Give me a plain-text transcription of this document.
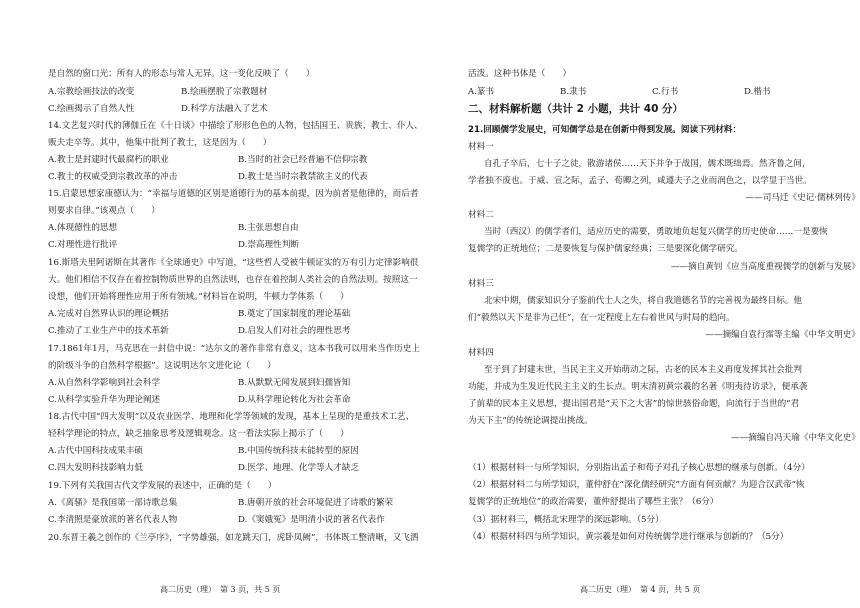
是自然的窗口光；所有人的形态与常人无异。这一变化反映了（　　）
A.宗教绘画技法的改变	B.绘画摆脱了宗教题材
C.绘画揭示了自然人性	D.科学方法融入了艺术
14.文艺复兴时代的薄伽丘在《十日谈》中描绘了形形色色的人物，包括国王、贵族、教士、仆人、
贩夫走卒等。其中，他集中批判了教士，这是因为（　　）
A.教士是封建时代最腐朽的职业	B.当时的社会已经普遍不信仰宗教
C.教士的权威受到宗教改革的冲击	D.教士是当时宗教禁欲主义的代表
15.启蒙思想家康德认为：“幸福与道德的区别是道德行为的基本前提，因为前者是他律的，而后者
则要求自律。”该观点（　　）
A.体现德性的思想	B.主张思想自由
C.对理性进行批评	D.崇高理性判断
16.斯塔夫里阿诺斯在其著作《全球通史》中写道，“这些哲人受被牛顿证实的万有引力定律影响很
大。他们相信不仅存在着控制物质世界的自然法则，也存在着控制人类社会的自然法则。按照这一
设想，他们开始将理性应用于所有领域。”材料旨在说明，牛顿力学体系（　　）
A.完成对自然界认识的理论概括	B.奠定了国家制度的理论基础
C.推动了工业生产中的技术革新	D.启发人们对社会的理性思考
17.1861年1月，马克思在一封信中说：“达尔文的著作非常有意义，这本书我可以用来当作历史上
的阶级斗争的自然科学根据”。这说明达尔文进化论（　　）
A.从自然科学影响到社会科学	B.从默默无闻发展到妇孺皆知
C.从科学实验升华为理论阐述	D.从科学理论转化为社会革命
18.古代中国“四大发明”以及农业医学、地理和化学等领域的发现，基本上呈现的是重技术工艺、
轻科学理论的特点，缺乏抽象思考及逻辑观念。这一看法实际上揭示了（　　）
A.古代中国科技成果丰硕	B.中国传统科技未能转型的原因
C.四大发明科技影响力低	D.医学、地理、化学等人才缺乏
19.下列有关我国古代文学发展的表述中，正确的是（　　）
A.《离骚》是我国第一部诗歌总集	B.唐朝开放的社会环境促进了诗歌的繁荣
C.李清照是豪放派的著名代表人物	D.《窦娥冤》是明清小说的著名代表作
20.东晋王羲之创作的《兰亭序》，“字势雄强，如龙跳天门，虎卧凤阙”，书体既工整清晰，又飞洒
高二历史（理）　第 3 页，共 5 页
活泼。这种书体是（　　）
A.篆书	B.隶书	C.行书	D.楷书
二、材料解析题（共计 2 小题，共计 40 分）
21.回顾儒学发展史，可知儒学总是在创新中得到发展。阅读下列材料：
材料一
自孔子卒后，七十子之徒，散游诸侯……天下并争于战国，儒术既绌焉。然齐鲁之间，
学者独不废也。于威、宣之际，孟子、荀卿之列，咸遵夫子之业而润色之，以学显于当世。
——司马迁《史记·儒林列传》
材料二
当时（西汉）的儒学者们，适应历史的需要，勇敢地负起复兴儒学的历史使命……一是要恢
复儒学的正统地位；二是要恢复与保护儒家经典；三是要深化儒学研究。
——摘自黄钊《应当高度重视儒学的创新与发展》
材料三
北宋中期，儒家知识分子鉴前代士人之失，将自我道德名节的完善视为最终目标。他
们“毅然以天下是非为己任”，在一定程度上左右着世风与时局的趋向。
——摘编自袁行霈等主编《中华文明史》
材料四
至于到了封建末世，当民主主义开始萌动之际，古老的民本主义再度发挥其社会批判
功能，并成为生发近代民主主义的生长点。明末清初黄宗羲的名著《明夷待访录》，便承袭
了前辈的民本主义思想，提出国君是“天下之大害”的惊世骇俗命题，向流行于当世的“君
为天下主”的传统论调提出挑战。
——摘编自冯天瑜《中华文化史》
（1）根据材料一与所学知识，分别指出孟子和荀子对孔子核心思想的继承与创新。（4分）
（2）根据材料二与所学知识，董仲舒在“深化儒经研究”方面有何贡献？为迎合汉武帝“恢
复儒学的正统地位”的政治需要，董仲舒提出了哪些主张？（6分）
（3）据材料三，概括北宋理学的深远影响。（5分）
（4）根据材料四与所学知识，黄宗羲是如何对传统儒学进行继承与创新的？（5分）
高二历史（理）　第 4 页，共 5 页
